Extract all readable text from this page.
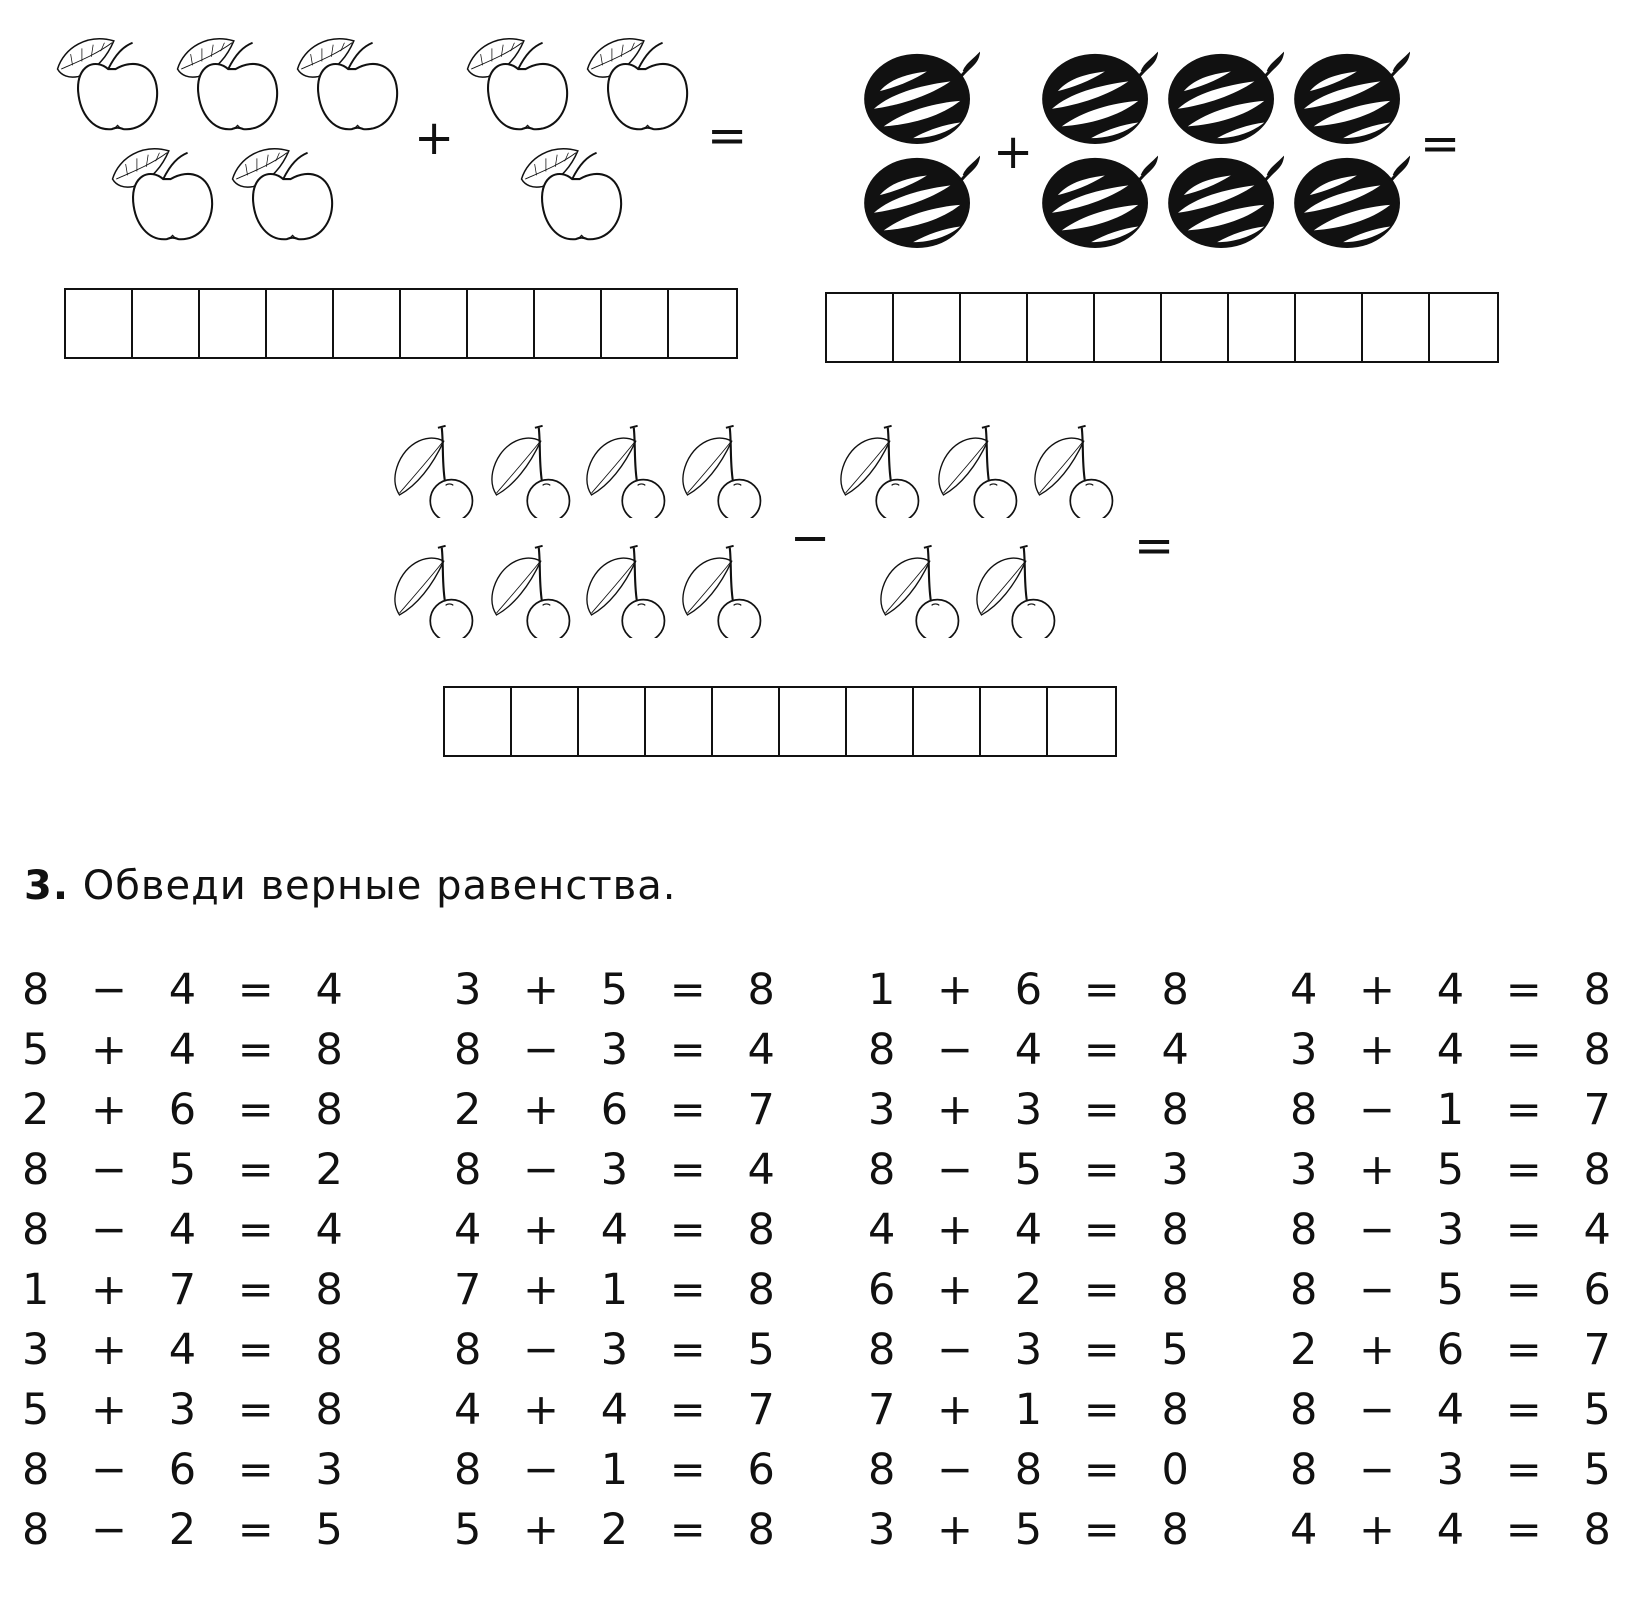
+	=	+	=
−	=
3. Обведи верные равенства.
8 − 4 = 4
5 + 4 = 8
2 + 6 = 8
8 − 5 = 2
8 − 4 = 4
1 + 7 = 8
3 + 4 = 8
5 + 3 = 8
8 − 6 = 3
8 − 2 = 5
3 + 5 = 8
8 − 3 = 4
2 + 6 = 7
8 − 3 = 4
4 + 4 = 8
7 + 1 = 8
8 − 3 = 5
4 + 4 = 7
8 − 1 = 6
5 + 2 = 8
1 + 6 = 8
8 − 4 = 4
3 + 3 = 8
8 − 5 = 3
4 + 4 = 8
6 + 2 = 8
8 − 3 = 5
7 + 1 = 8
8 − 8 = 0
3 + 5 = 8
4 + 4 = 8
3 + 4 = 8
8 − 1 = 7
3 + 5 = 8
8 − 3 = 4
8 − 5 = 6
2 + 6 = 7
8 − 4 = 5
8 − 3 = 5
4 + 4 = 8
